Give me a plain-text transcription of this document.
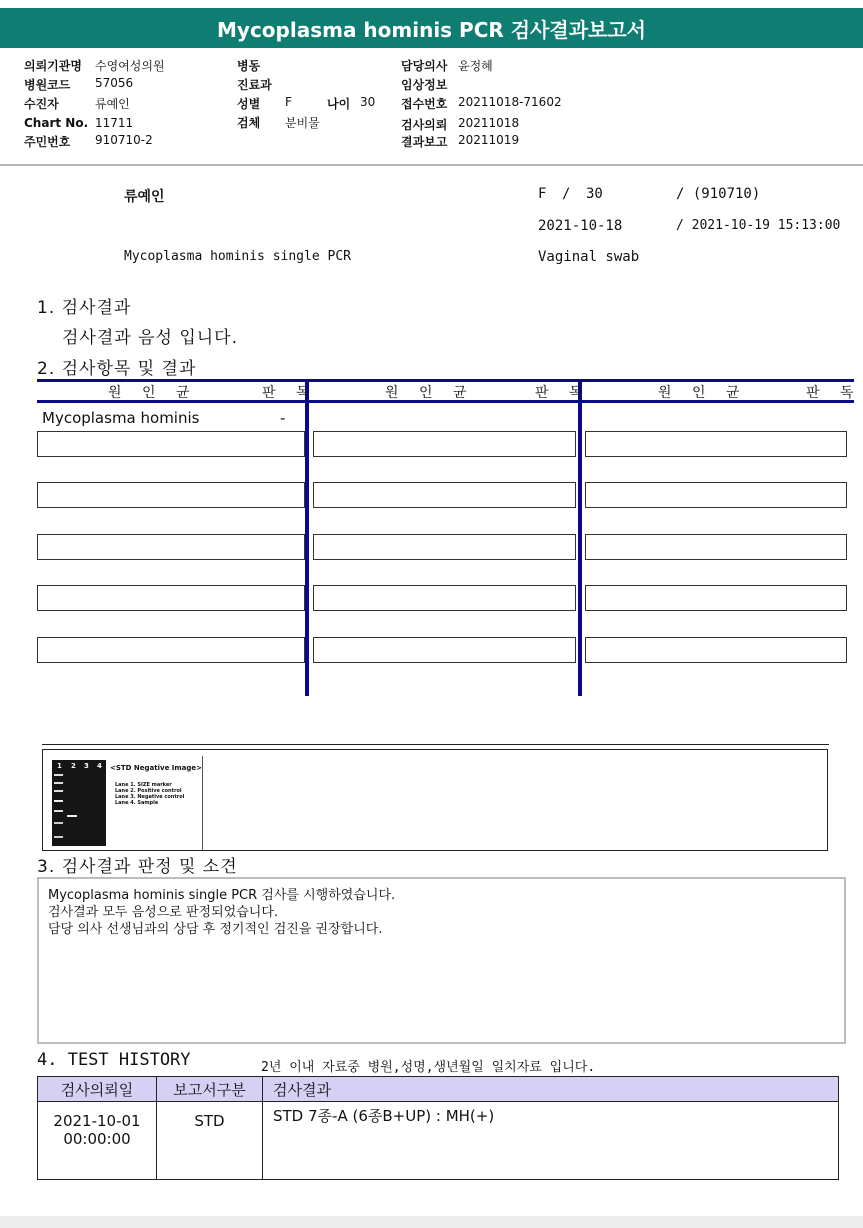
Mycoplasma hominis PCR 검사결과보고서
의뢰기관명 수영여성의원
병원코드 57056
수진자	류예인
Chart No. 11711
주민번호 910710-2
병동
진료과
성별 F	나이 30
검체 분비물
담당의사 윤정혜
임상정보
접수번호 20211018-71602
검사의뢰 20211018
결과보고 20211019
류예인	F / 30	/ (910710)
2021-10-18	/ 2021-10-19 15:13:00
Mycoplasma hominis single PCR	Vaginal swab
1. 검사결과
검사결과 음성 입니다.
2. 검사항목 및 결과
원 인 균	판 독	원 인 균	판 독	원 인 균	판 독
Mycoplasma hominis	-
1 2 3 4 <STD Negative Image>
Lane 1. SIZE marker
Lane 2. Positive control
Lane 3. Negative control
Lane 4. Sample
3. 검사결과 판정 및 소견
Mycoplasma hominis single PCR 검사를 시행하였습니다.
검사결과 모두 음성으로 판정되었습니다.
담당 의사 선생님과의 상담 후 정기적인 검진을 권장합니다.
4. TEST HISTORY	2년 이내 자료중 병원,성명,생년월일 일치자료 입니다.
검사의뢰일	보고서구분	검사결과

2021-10-01
00:00:00	STD	STD 7종-A (6종B+UP) : MH(+)
